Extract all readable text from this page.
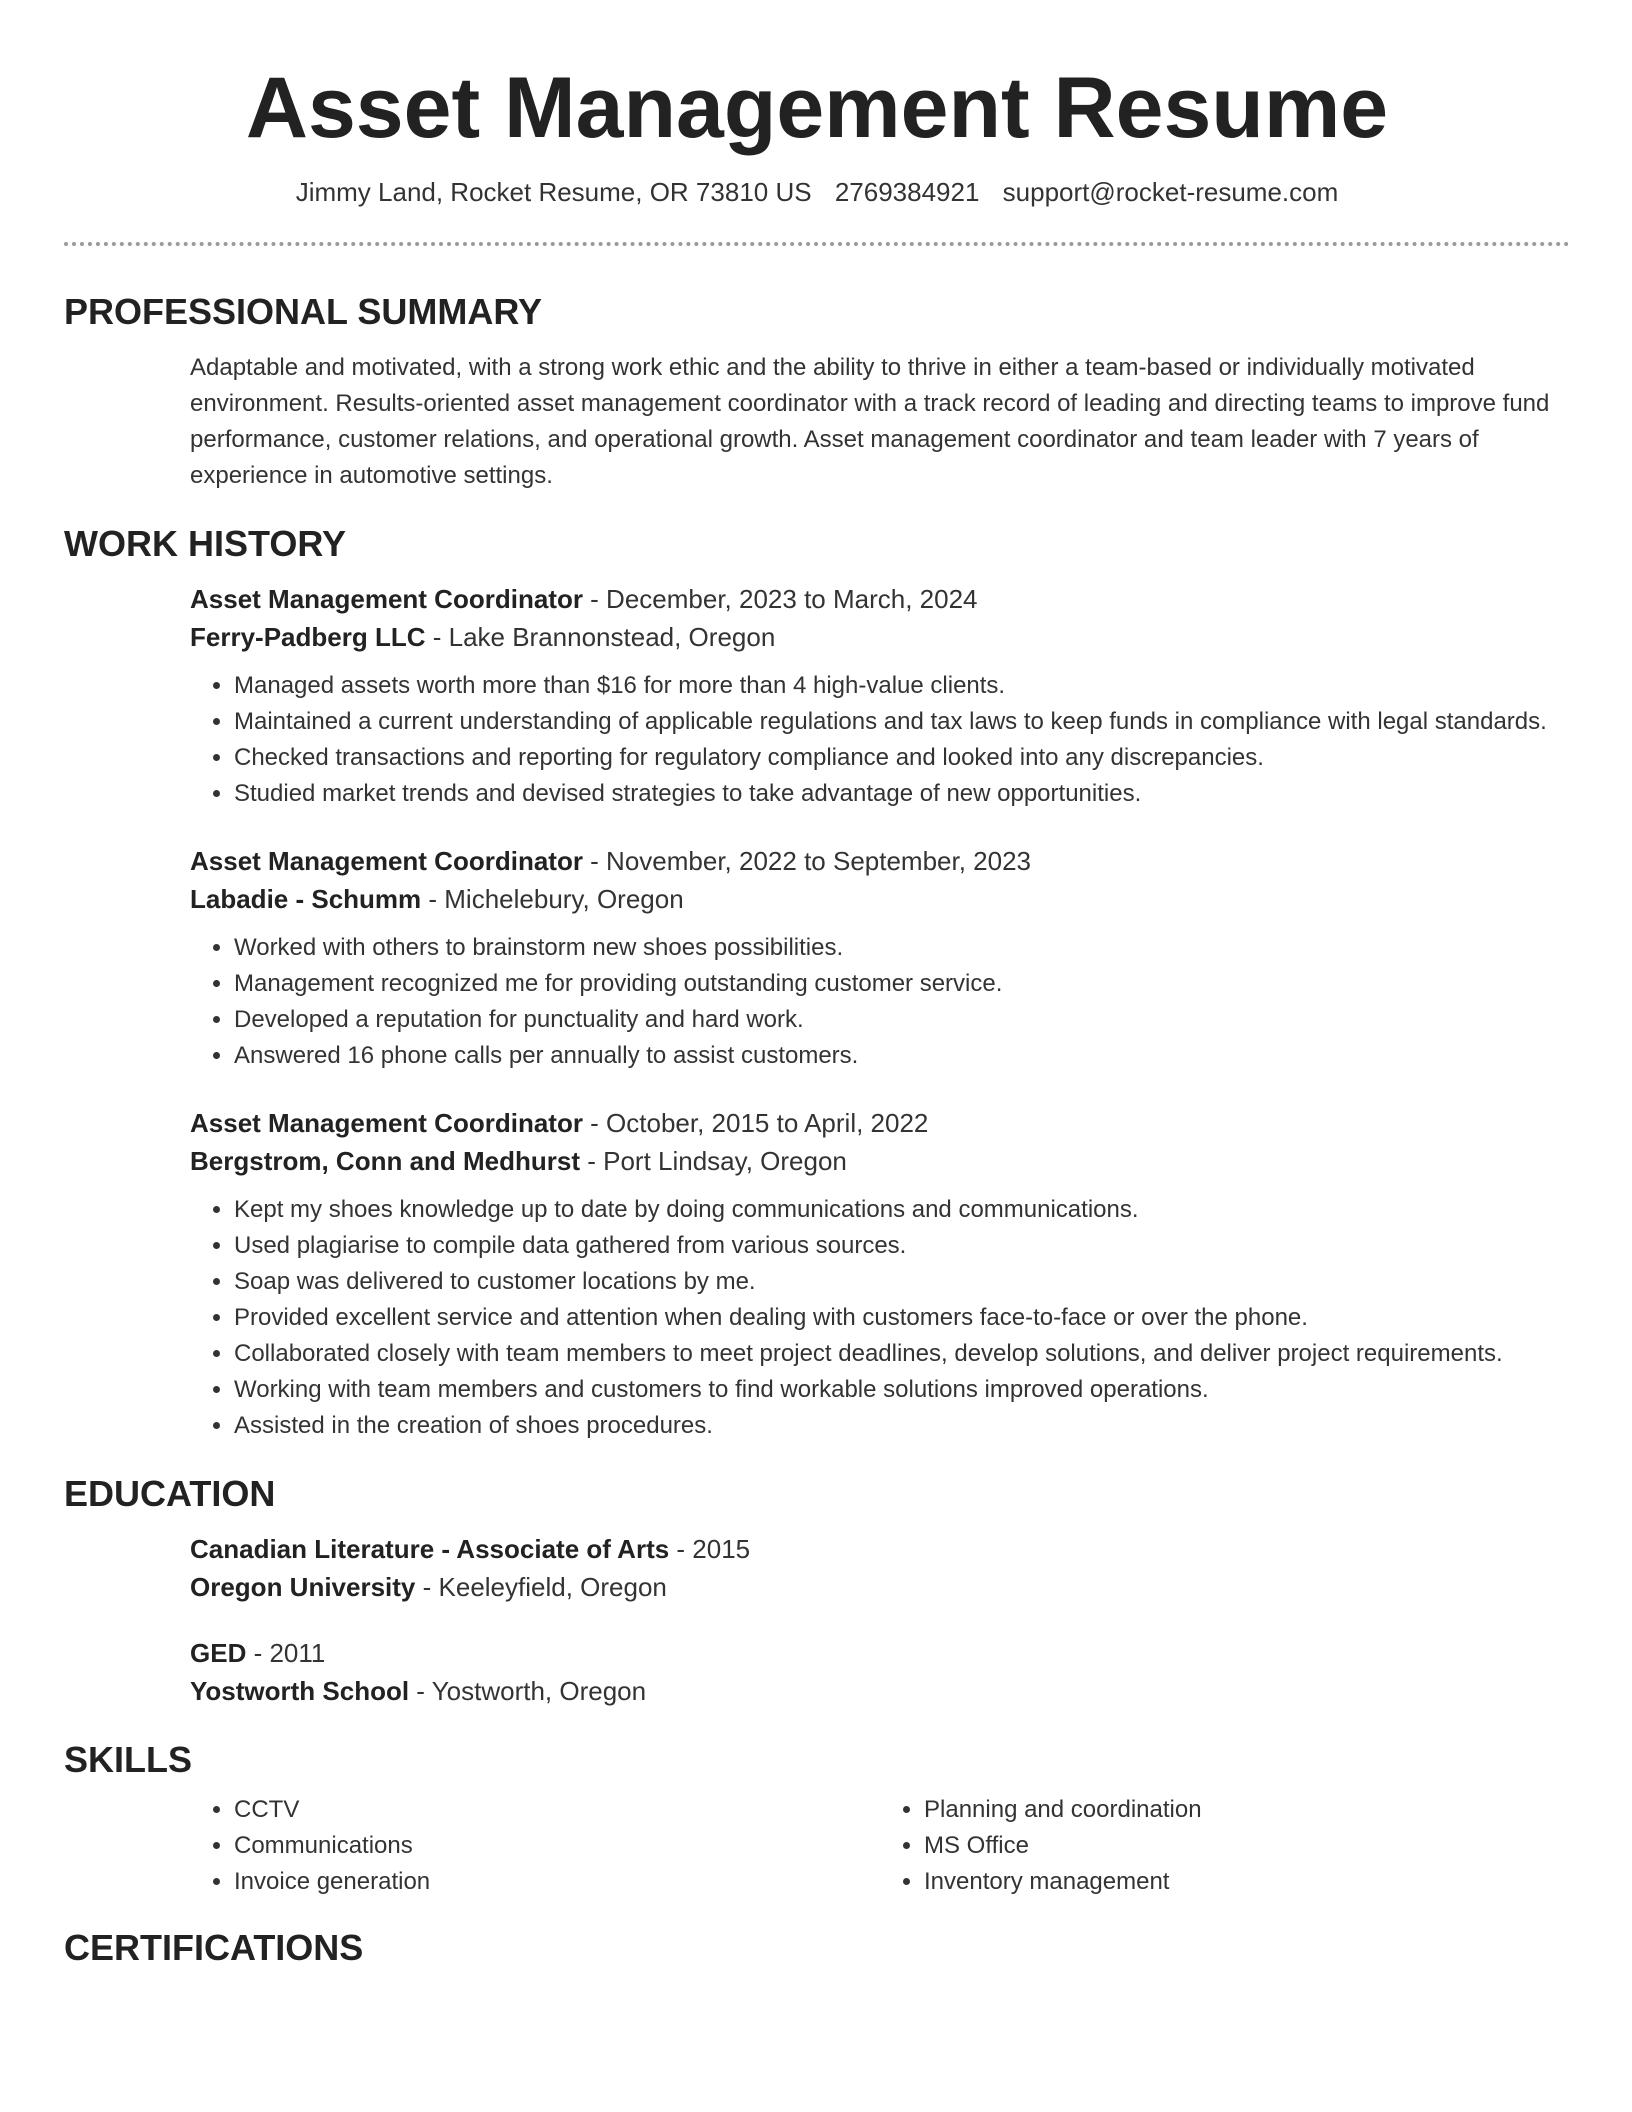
Asset Management Resume
Jimmy Land, Rocket Resume, OR 73810 US 2769384921 support@rocket-resume.com
PROFESSIONAL SUMMARY

Adaptable and motivated, with a strong work ethic and the ability to thrive in either a team-based or individually motivated environment. Results-oriented asset management coordinator with a track record of leading and directing teams to improve fund performance, customer relations, and operational growth. Asset management coordinator and team leader with 7 years of experience in automotive settings.

WORK HISTORY

Asset Management Coordinator - December, 2023 to March, 2024

Ferry-Padberg LLC - Lake Brannonstead, Oregon

• Managed assets worth more than $16 for more than 4 high-value clients.
• Maintained a current understanding of applicable regulations and tax laws to keep funds in compliance with legal standards.
• Checked transactions and reporting for regulatory compliance and looked into any discrepancies.
• Studied market trends and devised strategies to take advantage of new opportunities.

Asset Management Coordinator - November, 2022 to September, 2023

Labadie - Schumm - Michelebury, Oregon

• Worked with others to brainstorm new shoes possibilities.
• Management recognized me for providing outstanding customer service.
• Developed a reputation for punctuality and hard work.
• Answered 16 phone calls per annually to assist customers.

Asset Management Coordinator - October, 2015 to April, 2022

Bergstrom, Conn and Medhurst - Port Lindsay, Oregon

• Kept my shoes knowledge up to date by doing communications and communications.
• Used plagiarise to compile data gathered from various sources.
• Soap was delivered to customer locations by me.
• Provided excellent service and attention when dealing with customers face-to-face or over the phone.
• Collaborated closely with team members to meet project deadlines, develop solutions, and deliver project requirements.
• Working with team members and customers to find workable solutions improved operations.
• Assisted in the creation of shoes procedures.
EDUCATION

Canadian Literature - Associate of Arts - 2015

Oregon University - Keeleyfield, Oregon

GED - 2011

Yostworth School - Yostworth, Oregon

SKILLS
• CCTV
• Communications
• Invoice generation
• Planning and coordination
• MS Office
• Inventory management
CERTIFICATIONS
